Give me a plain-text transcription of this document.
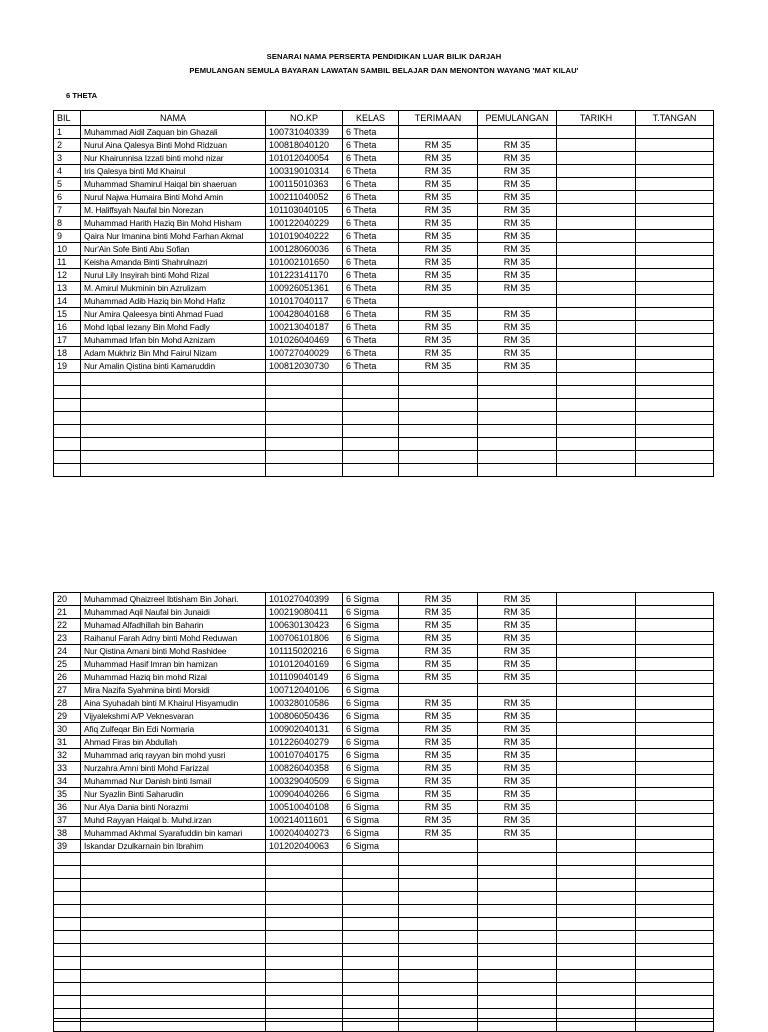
SENARAI NAMA PERSERTA PENDIDIKAN LUAR BILIK DARJAH
PEMULANGAN SEMULA BAYARAN LAWATAN SAMBIL BELAJAR DAN MENONTON WAYANG 'MAT KILAU'
6 THETA
BIL	NAMA	NO.KP	KELAS	TERIMAAN	PEMULANGAN	TARIKH	T.TANGAN
1	Muhammad Aidil Zaquan bin Ghazali	100731040339	6 Theta				
2	Nurul Aina Qalesya Binti Mohd Ridzuan	100818040120	6 Theta	RM 35	RM 35		
3	Nur Khairunnisa Izzati binti mohd nizar	101012040054	6 Theta	RM 35	RM 35		
4	Iris Qalesya binti Md Khairul	100319010314	6 Theta	RM 35	RM 35		
5	Muhammad Shamirul Haiqal bin shaeruan	100115010363	6 Theta	RM 35	RM 35		
6	Nurul Najwa Humaira Binti Mohd Amin	100211040052	6 Theta	RM 35	RM 35		
7	M. Haliffsyah Naufal bin Norezan	101103040105	6 Theta	RM 35	RM 35		
8	Muhammad Harith Haziq Bin Mohd Hisham	100122040229	6 Theta	RM 35	RM 35		
9	Qaira Nur Imanina binti Mohd Farhan Akmal	101019040222	6 Theta	RM 35	RM 35		
10	Nur'Ain Sofe Binti Abu Sofian	100128060036	6 Theta	RM 35	RM 35		
11	Keisha Amanda Binti Shahrulnazri	101002101650	6 Theta	RM 35	RM 35		
12	Nurul Lily Insyirah binti Mohd Rizal	101223141170	6 Theta	RM 35	RM 35		
13	M. Amirul Mukminin bin Azrulizam	100926051361	6 Theta	RM 35	RM 35		
14	Muhammad Adib Haziq bin Mohd Hafiz	101017040117	6 Theta				
15	Nur Amira Qaleesya binti Ahmad Fuad	100428040168	6 Theta	RM 35	RM 35		
16	Mohd Iqbal Iezany Bin Mohd Fadly	100213040187	6 Theta	RM 35	RM 35		
17	Muhammad Irfan bin Mohd Aznizam	101026040469	6 Theta	RM 35	RM 35		
18	Adam Mukhriz Bin Mhd Fairul Nizam	100727040029	6 Theta	RM 35	RM 35		
19	Nur Amalin Qistina binti Kamaruddin	100812030730	6 Theta	RM 35	RM 35		

20	Muhammad Qhaizreel Ibtisham Bin Johari.	101027040399	6 Sigma	RM 35	RM 35		
21	Muhammad Aqil Naufal bin Junaidi	100219080411	6 Sigma	RM 35	RM 35		
22	Muhamad Alfadhillah bin Baharin	100630130423	6 Sigma	RM 35	RM 35		
23	Raihanul Farah Adny binti Mohd Reduwan	100706101806	6 Sigma	RM 35	RM 35		
24	Nur Qistina Amani binti Mohd Rashidee	101115020216	6 Sigma	RM 35	RM 35		
25	Muhammad Hasif Imran bin hamizan	101012040169	6 Sigma	RM 35	RM 35		
26	Muhammad Haziq bin mohd Rizal	101109040149	6 Sigma	RM 35	RM 35		
27	Mira Nazifa Syahmina binti Morsidi	100712040106	6 Sigma				
28	Aina Syuhadah binti M Khairul Hisyamudin	100328010586	6 Sigma	RM 35	RM 35		
29	Vijyalekshmi A/P Veknesvaran	100806050436	6 Sigma	RM 35	RM 35		
30	Afiq Zulfeqar Bin Edi Normaria	100902040131	6 Sigma	RM 35	RM 35		
31	Ahmad Firas bin Abdullah	101226040279	6 Sigma	RM 35	RM 35		
32	Muhammad ariq rayyan bin mohd yusri	100107040175	6 Sigma	RM 35	RM 35		
33	Nurzahra Amni binti Mohd Farizzal	100826040358	6 Sigma	RM 35	RM 35		
34	Muhammad Nur Danish binti Ismail	100329040509	6 Sigma	RM 35	RM 35		
35	Nur Syazlin Binti Saharudin	100904040266	6 Sigma	RM 35	RM 35		
36	Nur Alya Dania binti Norazmi	100510040108	6 Sigma	RM 35	RM 35		
37	Muhd Rayyan Haiqal b. Muhd.irzan	100214011601	6 Sigma	RM 35	RM 35		
38	Muhammad Akhmal Syarafuddin bin kamari	100204040273	6 Sigma	RM 35	RM 35		
39	Iskandar Dzulkarnain bin Ibrahim	101202040063	6 Sigma				
